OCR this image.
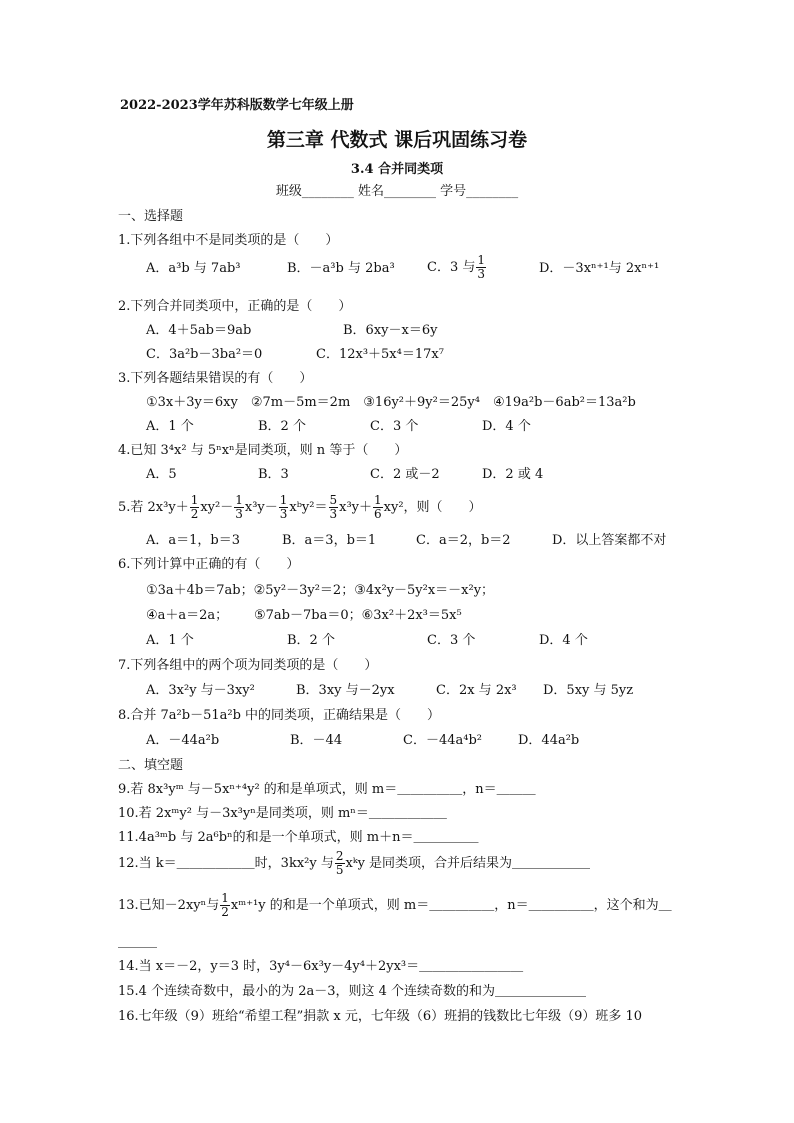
2022-2023学年苏科版数学七年级上册
第三章 代数式 课后巩固练习卷
3.4 合并同类项
班级________ 姓名________ 学号________
一、选择题
1.下列各组中不是同类项的是（　　）
A．a³b 与 7ab³	B．－a³b 与 2ba³ C．3 与 $\frac{1}{3}$	D．－3xⁿ⁺¹与 2xⁿ⁺¹
2.下列合并同类项中，正确的是（　　）
A．4＋5ab＝9ab	B．6xy－x＝6y
C．3a²b－3ba²＝0	C．12x³＋5x⁴＝17x⁷
3.下列各题结果错误的有（　　）
①3x＋3y＝6xy　②7m－5m＝2m　③16y²＋9y²＝25y⁴　④19a²b－6ab²＝13a²b
A．1 个	B．2 个	C．3 个	D．4 个
4.已知 3⁴x² 与 5ⁿxⁿ是同类项，则 n 等于（　　）
A．5	B．3	C．2 或－2	D．2 或 4
5.若 $2x^3y+ \frac{1}{2} xy^2- \frac{1}{3} x^3y- \frac{1}{3}$ xᵇy²＝ $\frac{5}{3} x^3y+ \frac{1}{6} xy^2$，则（　　）
A．a＝1，b＝3	B．a＝3，b＝1	C．a＝2，b＝2	D．以上答案都不对
6.下列计算中正确的有（　　）
①3a＋4b＝7ab；②5y²－3y²＝2；③4x²y－5y²x＝－x²y；
④a＋a＝2a； ⑤7ab－7ba＝0；⑥3x²＋2x³＝5x⁵
A．1 个	B．2 个	C．3 个	D．4 个
7.下列各组中的两个项为同类项的是（　　）
A．3x²y 与－3xy²	B．3xy 与－2yx	C．2x 与 2x³ D．5xy 与 5yz
8.合并 7a²b－51a²b 中的同类项，正确结果是（　　）
A．－44a²b	B．－44	C．－44a⁴b²	D．44a²b
二、填空题
9.若 8x³yᵐ 与－5xⁿ⁺⁴y² 的和是单项式，则 m＝＿＿＿＿＿，n＝＿＿＿
10.若 2xᵐy² 与－3x³yⁿ是同类项，则 mⁿ＝＿＿＿＿＿＿
11.4a³ᵐb 与 2a⁶bⁿ的和是一个单项式，则 m＋n＝＿＿＿＿＿
12.当 k＝＿＿＿＿＿＿时，3kx²y 与 $\frac{2}{5}$ xᵏy 是同类项，合并后结果为＿＿＿＿＿＿
13.已知－2xyⁿ与 $\frac{1}{2}$ xᵐ⁺¹y 的和是一个单项式，则 m＝＿＿＿＿＿，n＝＿＿＿＿＿，这个和为＿
＿＿＿
14.当 x＝－2，y＝3 时，3y⁴－6x³y－4y⁴＋2yx³＝＿＿＿＿＿＿＿＿
15.4 个连续奇数中，最小的为 2a－3，则这 4 个连续奇数的和为＿＿＿＿＿＿＿
16.七年级（9）班给“希望工程”捐款 x 元，七年级（6）班捐的钱数比七年级（9）班多 10
